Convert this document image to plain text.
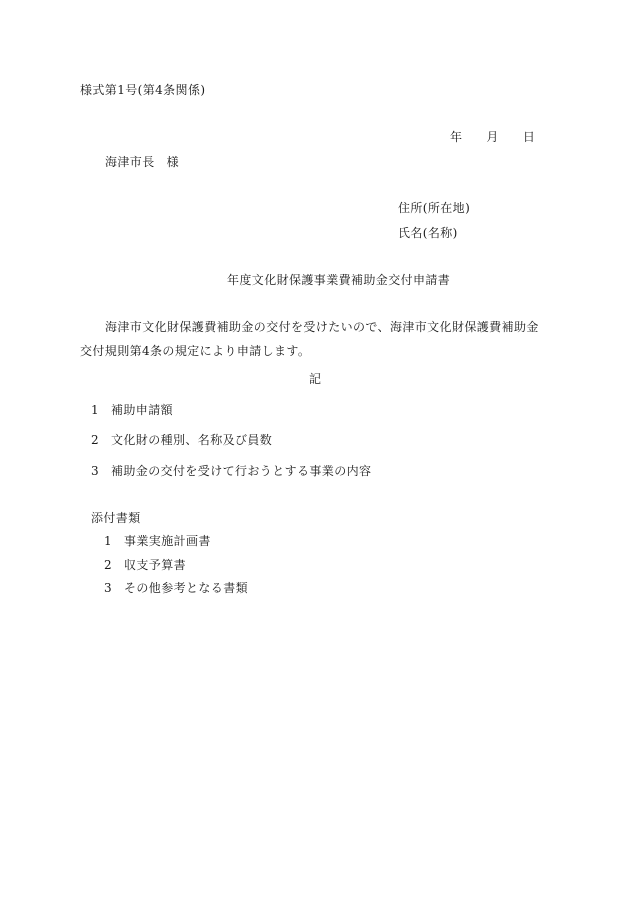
様式第1号(第4条関係)
年 月 日
海津市長 様
住所(所在地)
氏名(名称)
年度文化財保護事業費補助金交付申請書
海津市文化財保護費補助金の交付を受けたいので、海津市文化財保護費補助金
交付規則第4条の規定により申請します。
記
1 補助申請額
2 文化財の種別、名称及び員数
3 補助金の交付を受けて行おうとする事業の内容
添付書類
1 事業実施計画書
2 収支予算書
3 その他参考となる書類
